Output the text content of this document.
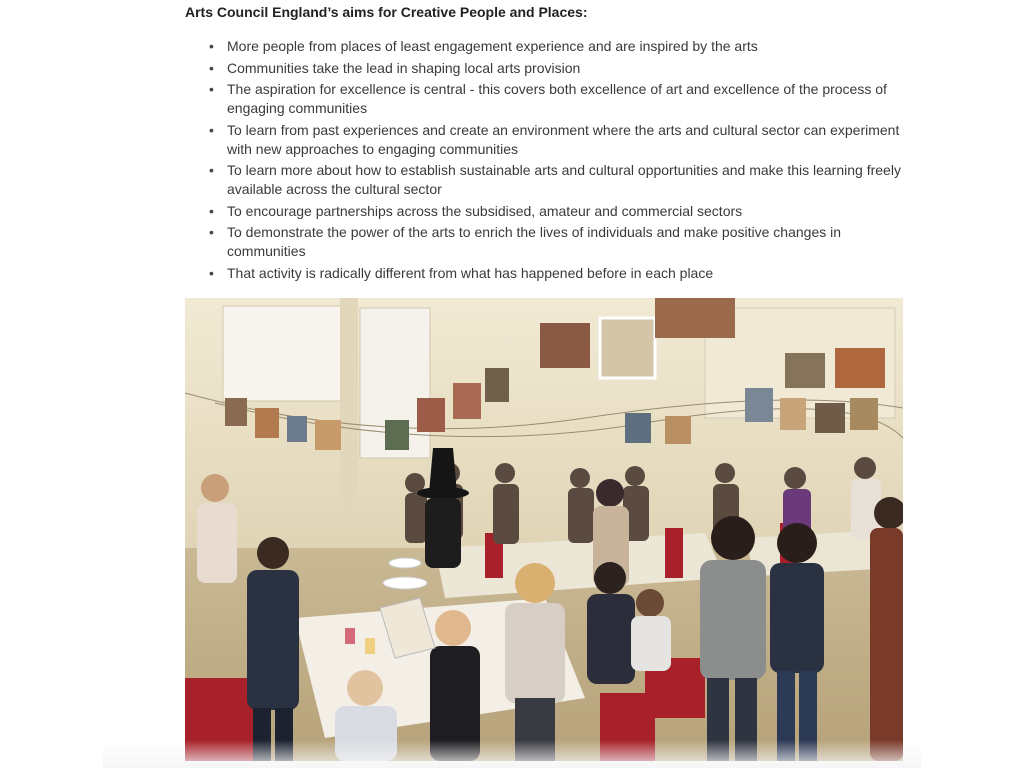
Arts Council England’s aims for Creative People and Places:
• More people from places of least engagement experience and are inspired by the arts
• Communities take the lead in shaping local arts provision
• The aspiration for excellence is central - this covers both excellence of art and excellence of the process of engaging communities
• To learn from past experiences and create an environment where the arts and cultural sector can experiment with new approaches to engaging communities
• To learn more about how to establish sustainable arts and cultural opportunities and make this learning freely available across the cultural sector
• To encourage partnerships across the subsidised, amateur and commercial sectors
• To demonstrate the power of the arts to enrich the lives of individuals and make positive changes in communities
• That activity is radically different from what has happened before in each place
